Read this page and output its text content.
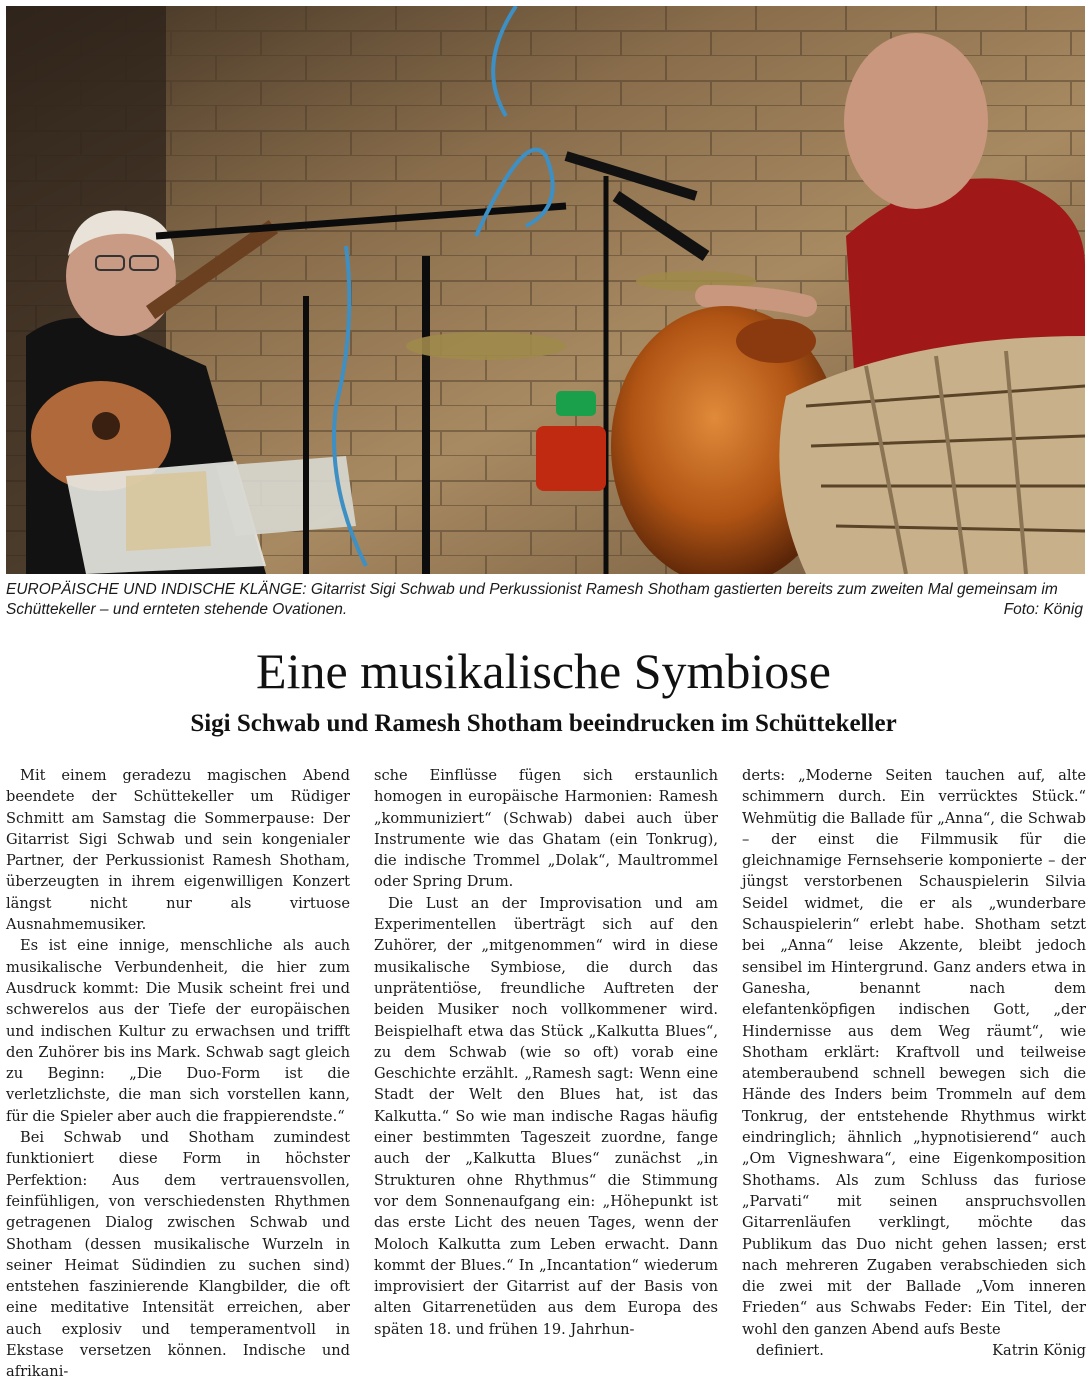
EUROPÄISCHE UND INDISCHE KLÄNGE: Gitarrist Sigi Schwab und Perkussionist Ramesh Shotham gastierten bereits zum zweiten Mal gemeinsam im Schüttekeller – und ernteten stehende Ovationen.	Foto: König
Eine musikalische Symbiose
Sigi Schwab und Ramesh Shotham beeindrucken im Schüttekeller

Mit einem geradezu magischen Abend beendete der Schüttekeller um Rüdiger Schmitt am Samstag die Sommerpause: Der Gitarrist Sigi Schwab und sein kongenialer Partner, der Perkussionist Ramesh Shotham, überzeugten in ihrem eigenwilligen Konzert längst nicht nur als virtuose Ausnahmemusiker.

Es ist eine innige, menschliche als auch musikalische Verbundenheit, die hier zum Ausdruck kommt: Die Musik scheint frei und schwerelos aus der Tiefe der europäischen und indischen Kultur zu erwachsen und trifft den Zuhörer bis ins Mark. Schwab sagt gleich zu Beginn: „Die Duo-Form ist die verletzlichste, die man sich vorstellen kann, für die Spieler aber auch die frappierendste.“

Bei Schwab und Shotham zumindest funktioniert diese Form in höchster Perfektion: Aus dem vertrauensvollen, feinfühligen, von verschiedensten Rhythmen getragenen Dialog zwischen Schwab und Shotham (dessen musikalische Wurzeln in seiner Heimat Südindien zu suchen sind) entstehen faszinierende Klangbilder, die oft eine meditative Intensität erreichen, aber auch explosiv und temperamentvoll in Ekstase versetzen können. Indische und afrikani-

sche Einflüsse fügen sich erstaunlich homogen in europäische Harmonien: Ramesh „kommuniziert“ (Schwab) dabei auch über Instrumente wie das Ghatam (ein Tonkrug), die indische Trommel „Dolak“, Maultrommel oder Spring Drum.

Die Lust an der Improvisation und am Experimentellen überträgt sich auf den Zuhörer, der „mitgenommen“ wird in diese musikalische Symbiose, die durch das unprätentiöse, freundliche Auftreten der beiden Musiker noch vollkommener wird. Beispielhaft etwa das Stück „Kalkutta Blues“, zu dem Schwab (wie so oft) vorab eine Geschichte erzählt. „Ramesh sagt: Wenn eine Stadt der Welt den Blues hat, ist das Kalkutta.“ So wie man indische Ragas häufig einer bestimmten Tageszeit zuordne, fange auch der „Kalkutta Blues“ zunächst „in Strukturen ohne Rhythmus“ die Stimmung vor dem Sonnenaufgang ein: „Höhepunkt ist das erste Licht des neuen Tages, wenn der Moloch Kalkutta zum Leben erwacht. Dann kommt der Blues.“ In „Incantation“ wiederum improvisiert der Gitarrist auf der Basis von alten Gitarrenetüden aus dem Europa des späten 18. und frühen 19. Jahrhun-

derts: „Moderne Seiten tauchen auf, alte schimmern durch. Ein verrücktes Stück.“ Wehmütig die Ballade für „Anna“, die Schwab – der einst die Filmmusik für die gleichnamige Fernsehserie komponierte – der jüngst verstorbenen Schauspielerin Silvia Seidel widmet, die er als „wunderbare Schauspielerin“ erlebt habe. Shotham setzt bei „Anna“ leise Akzente, bleibt jedoch sensibel im Hintergrund. Ganz anders etwa in Ganesha, benannt nach dem elefantenköpfigen indischen Gott, „der Hindernisse aus dem Weg räumt“, wie Shotham erklärt: Kraftvoll und teilweise atemberaubend schnell bewegen sich die Hände des Inders beim Trommeln auf dem Tonkrug, der entstehende Rhythmus wirkt eindringlich; ähnlich „hypnotisierend“ auch „Om Vigneshwara“, eine Eigenkomposition Shothams. Als zum Schluss das furiose „Parvati“ mit seinen anspruchsvollen Gitarrenläufen verklingt, möchte das Publikum das Duo nicht gehen lassen; erst nach mehreren Zugaben verabschieden sich die zwei mit der Ballade „Vom inneren Frieden“ aus Schwabs Feder: Ein Titel, der wohl den ganzen Abend aufs Beste

definiert.	Katrin König
